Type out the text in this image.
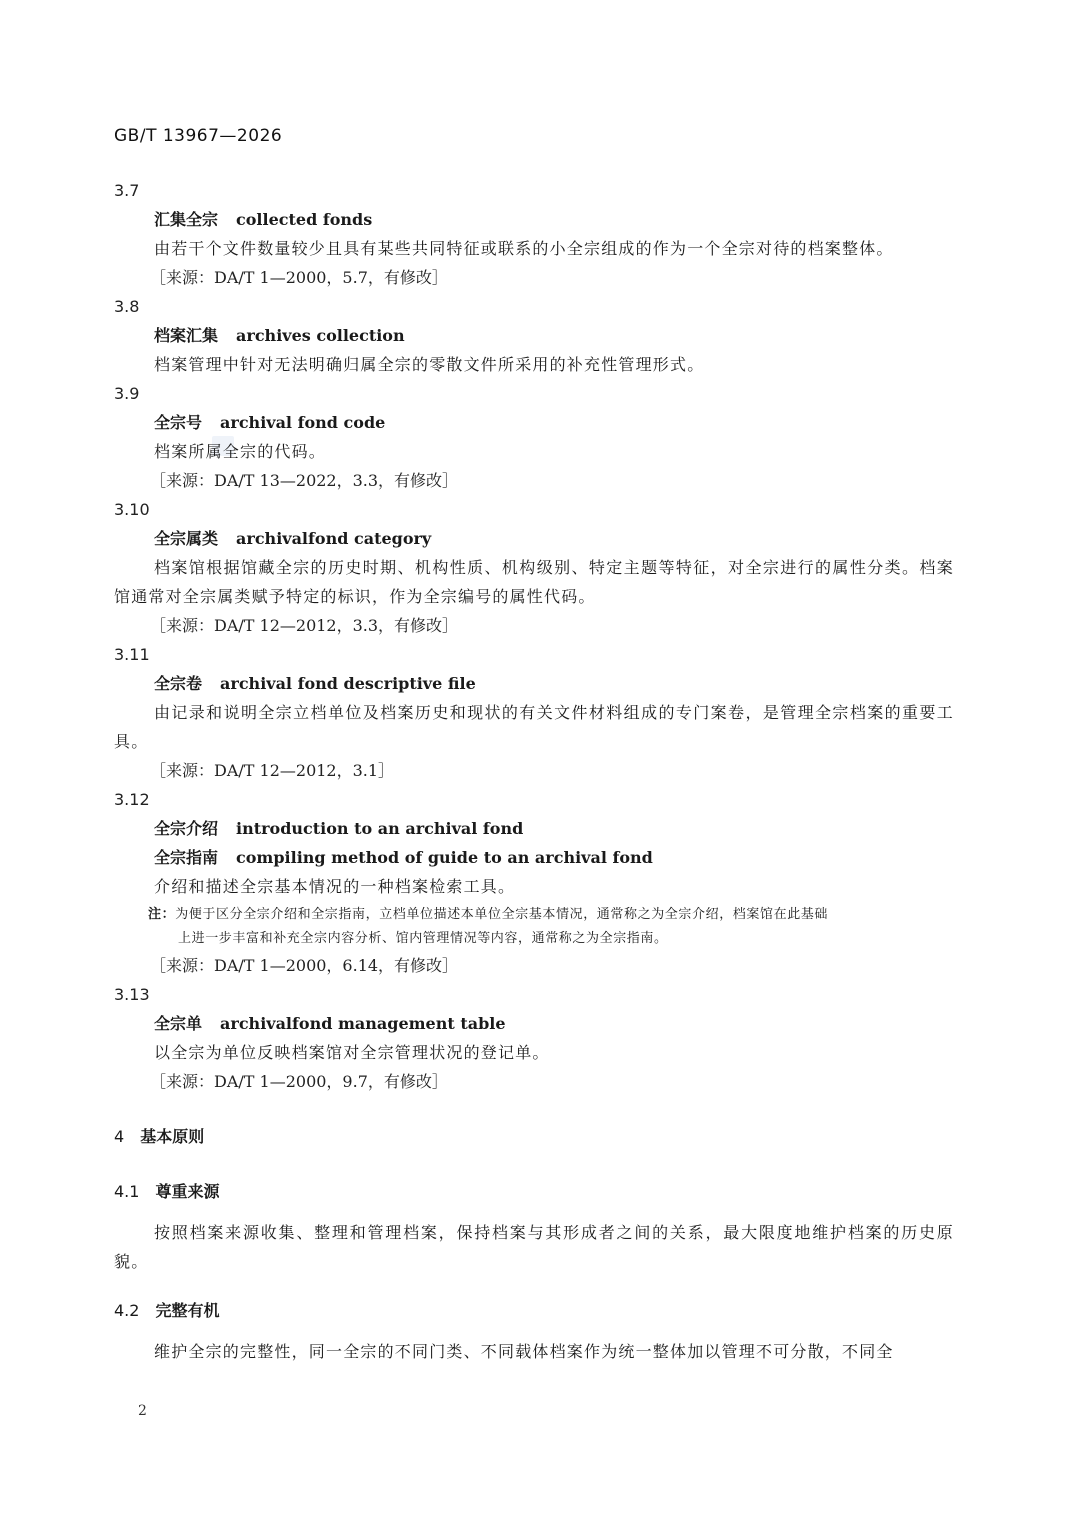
GB/T 13967—2026
3.7
汇集全宗 collected fonds
由若干个文件数量较少且具有某些共同特征或联系的小全宗组成的作为一个全宗对待的档案整体。
［来源：DA/T 1—2000，5.7，有修改］
3.8
档案汇集 archives collection
档案管理中针对无法明确归属全宗的零散文件所采用的补充性管理形式。
3.9
全宗号 archival fond code
档案所属全宗的代码。
［来源：DA/T 13—2022，3.3，有修改］
3.10
全宗属类 archivalfond category
档案馆根据馆藏全宗的历史时期、机构性质、机构级别、特定主题等特征，对全宗进行的属性分类。档案馆通常对全宗属类赋予特定的标识，作为全宗编号的属性代码。
［来源：DA/T 12—2012，3.3，有修改］
3.11
全宗卷 archival fond descriptive file
由记录和说明全宗立档单位及档案历史和现状的有关文件材料组成的专门案卷，是管理全宗档案的重要工具。
［来源：DA/T 12—2012，3.1］
3.12
全宗介绍 introduction to an archival fond
全宗指南 compiling method of guide to an archival fond
介绍和描述全宗基本情况的一种档案检索工具。
注：为便于区分全宗介绍和全宗指南，立档单位描述本单位全宗基本情况，通常称之为全宗介绍，档案馆在此基础
上进一步丰富和补充全宗内容分析、馆内管理情况等内容，通常称之为全宗指南。
［来源：DA/T 1—2000，6.14，有修改］
3.13
全宗单 archivalfond management table
以全宗为单位反映档案馆对全宗管理状况的登记单。
［来源：DA/T 1—2000，9.7，有修改］
4 基本原则
4.1 尊重来源
按照档案来源收集、整理和管理档案，保持档案与其形成者之间的关系，最大限度地维护档案的历史原貌。
4.2 完整有机
维护全宗的完整性，同一全宗的不同门类、不同载体档案作为统一整体加以管理不可分散，不同全
2
